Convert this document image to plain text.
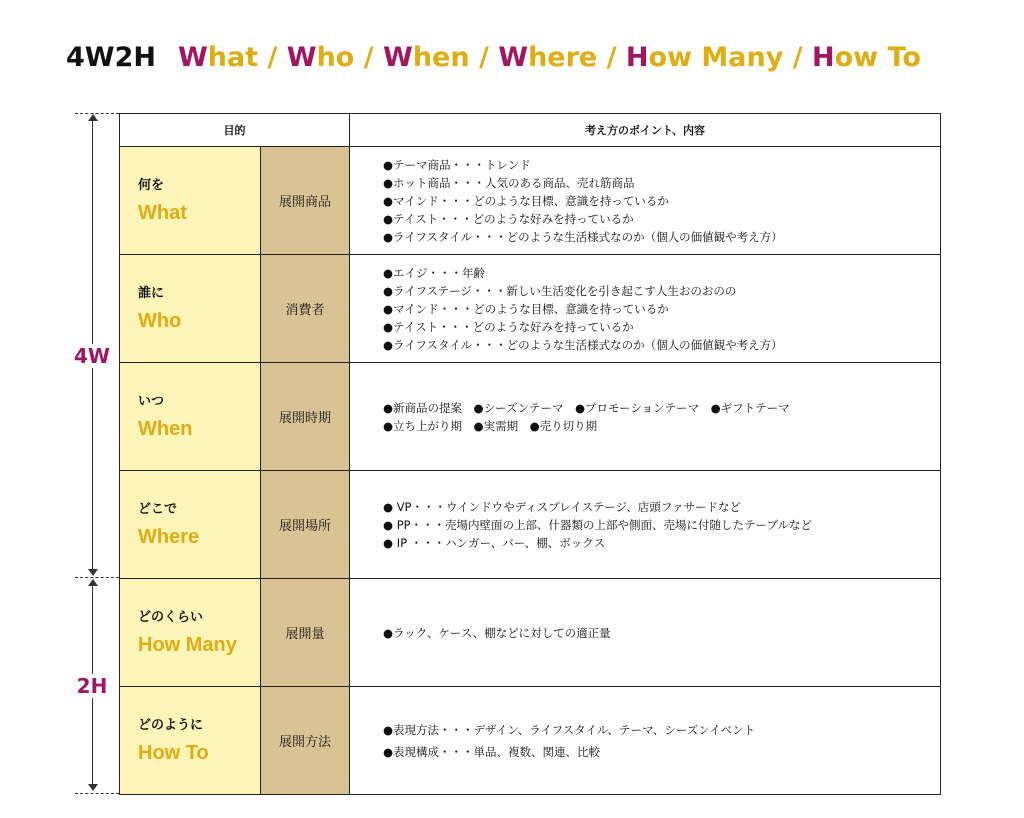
4W2H What / Who / When / Where / How Many / How To
4W
2H
目的	考え方のポイント、内容
何を
What	展開商品
●テーマ商品・・・トレンド
●ホット商品・・・人気のある商品、売れ筋商品
●マインド・・・どのような目標、意識を持っているか
●テイスト・・・どのような好みを持っているか
●ライフスタイル・・・どのような生活様式なのか（個人の価値観や考え方）
誰に
Who	消費者
●エイジ・・・年齢
●ライフステージ・・・新しい生活変化を引き起こす人生おのおのの
●マインド・・・どのような目標、意識を持っているか
●テイスト・・・どのような好みを持っているか
●ライフスタイル・・・どのような生活様式なのか（個人の価値観や考え方）
いつ
When	展開時期
●新商品の提案　●シーズンテーマ　●プロモーションテーマ　●ギフトテーマ
●立ち上がり期　●実需期　●売り切り期
どこで
Where	展開場所
● VP・・・ウインドウやディスプレイステージ、店頭ファサードなど
● PP・・・売場内壁面の上部、什器類の上部や側面、売場に付随したテーブルなど
● IP ・・・ハンガー、バー、棚、ボックス
どのくらい
How Many	展開量	●ラック、ケース、棚などに対しての適正量
どのように
How To	展開方法
●表現方法・・・デザイン、ライフスタイル、テーマ、シーズンイベント
●表現構成・・・単品、複数、関連、比較
